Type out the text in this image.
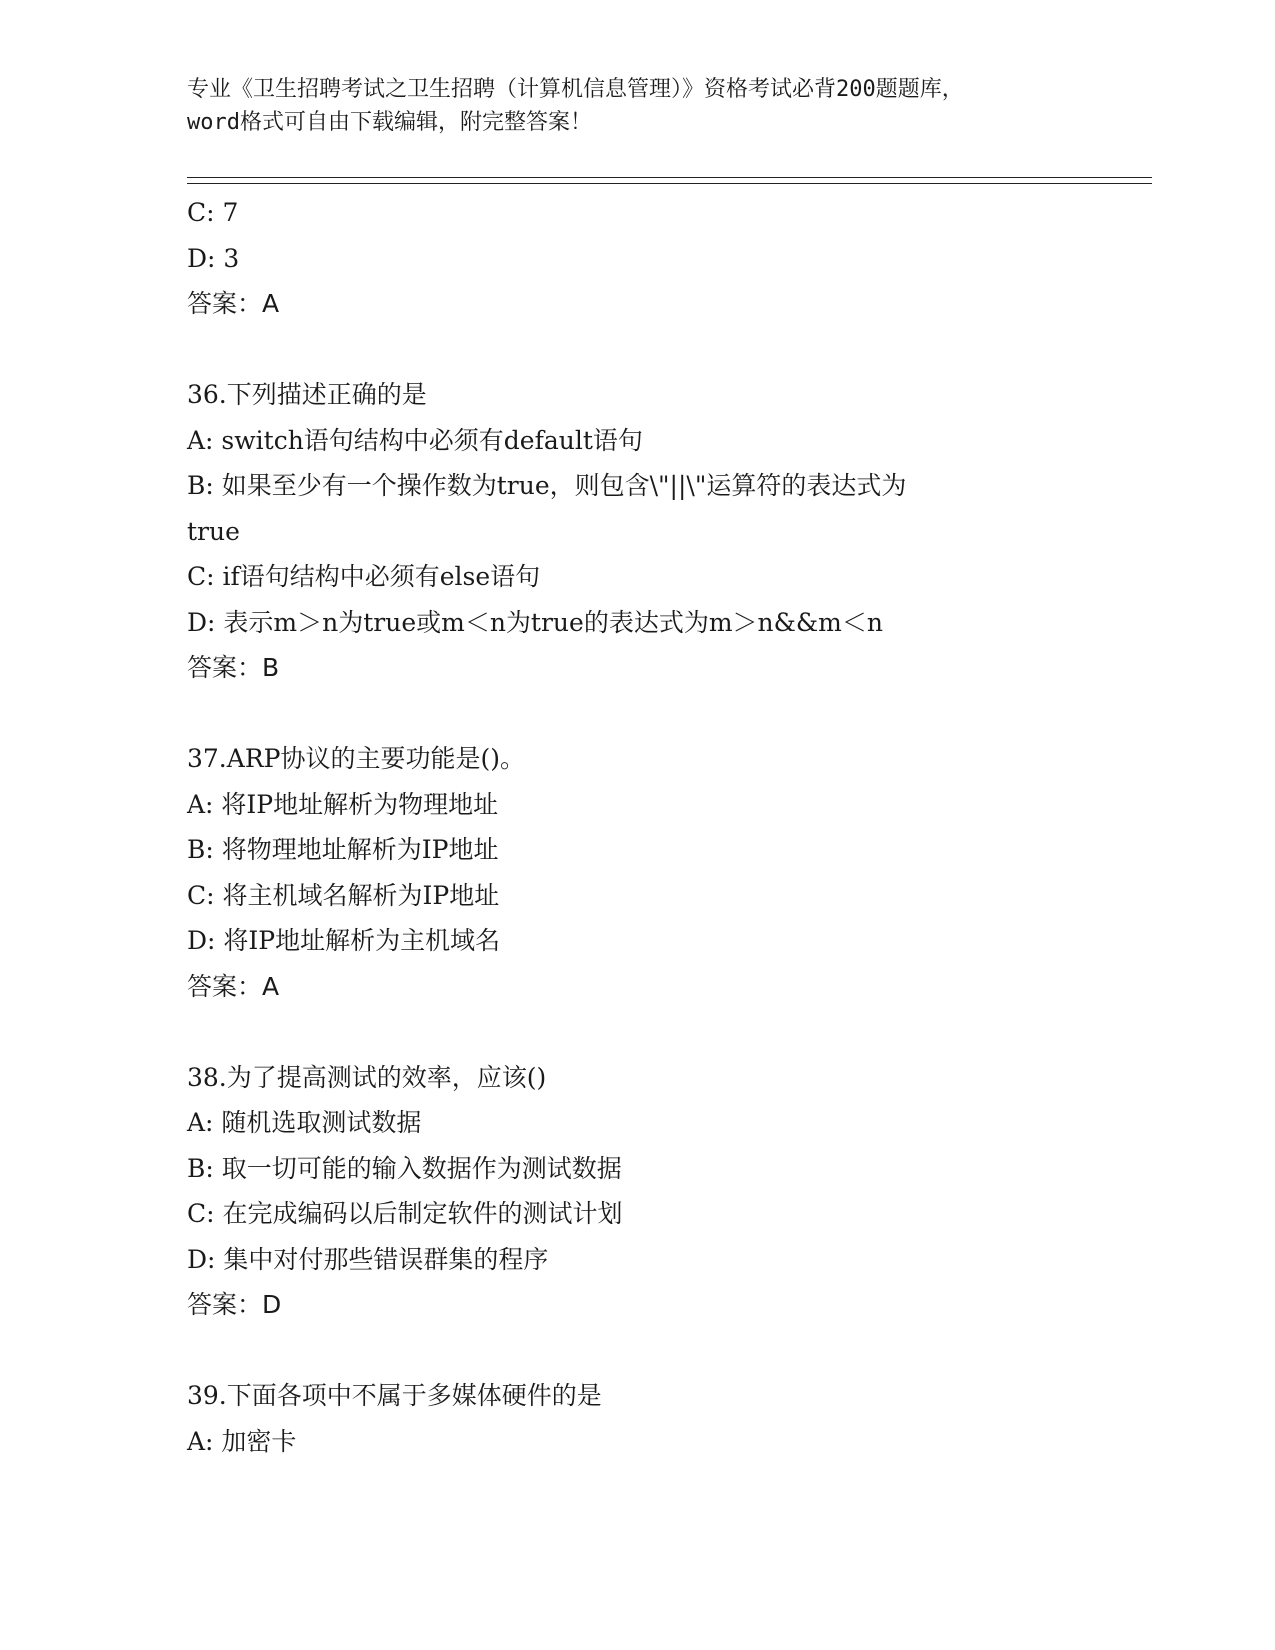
专业《卫生招聘考试之卫生招聘（计算机信息管理）》资格考试必背200题题库，
word格式可自由下载编辑，附完整答案！
C: 7
D: 3
答案：A
36.下列描述正确的是
A: switch语句结构中必须有default语句
B: 如果至少有一个操作数为true，则包含\"||\"运算符的表达式为
true
C: if语句结构中必须有else语句
D: 表示m＞n为true或m＜n为true的表达式为m＞n&&m＜n
答案：B
37.ARP协议的主要功能是()。
A: 将IP地址解析为物理地址
B: 将物理地址解析为IP地址
C: 将主机域名解析为IP地址
D: 将IP地址解析为主机域名
答案：A
38.为了提高测试的效率，应该()
A: 随机选取测试数据
B: 取一切可能的输入数据作为测试数据
C: 在完成编码以后制定软件的测试计划
D: 集中对付那些错误群集的程序
答案：D
39.下面各项中不属于多媒体硬件的是
A: 加密卡
